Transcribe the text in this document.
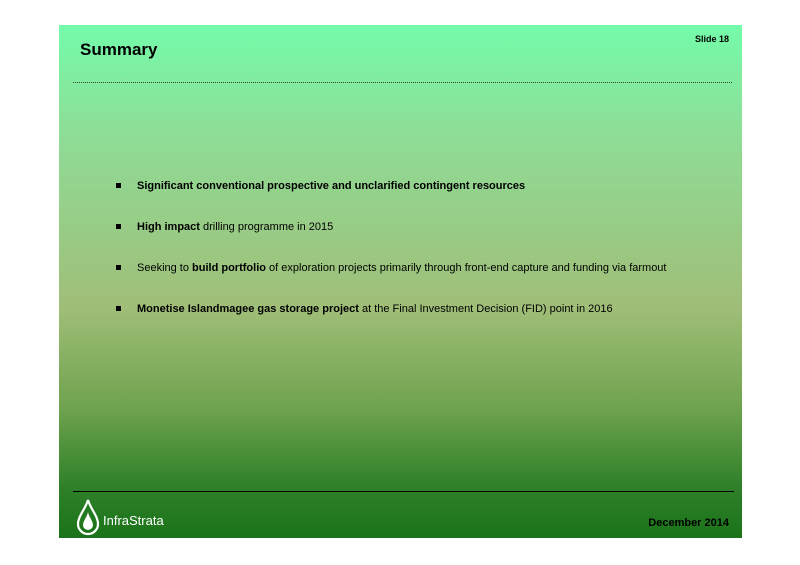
Summary
Slide 18
Significant conventional prospective and unclarified contingent resources
High impact drilling programme in 2015
Seeking to build portfolio of exploration projects primarily through front-end capture and funding via farmout
Monetise Islandmagee gas storage project at the Final Investment Decision (FID) point in 2016
InfraStrata	December 2014
